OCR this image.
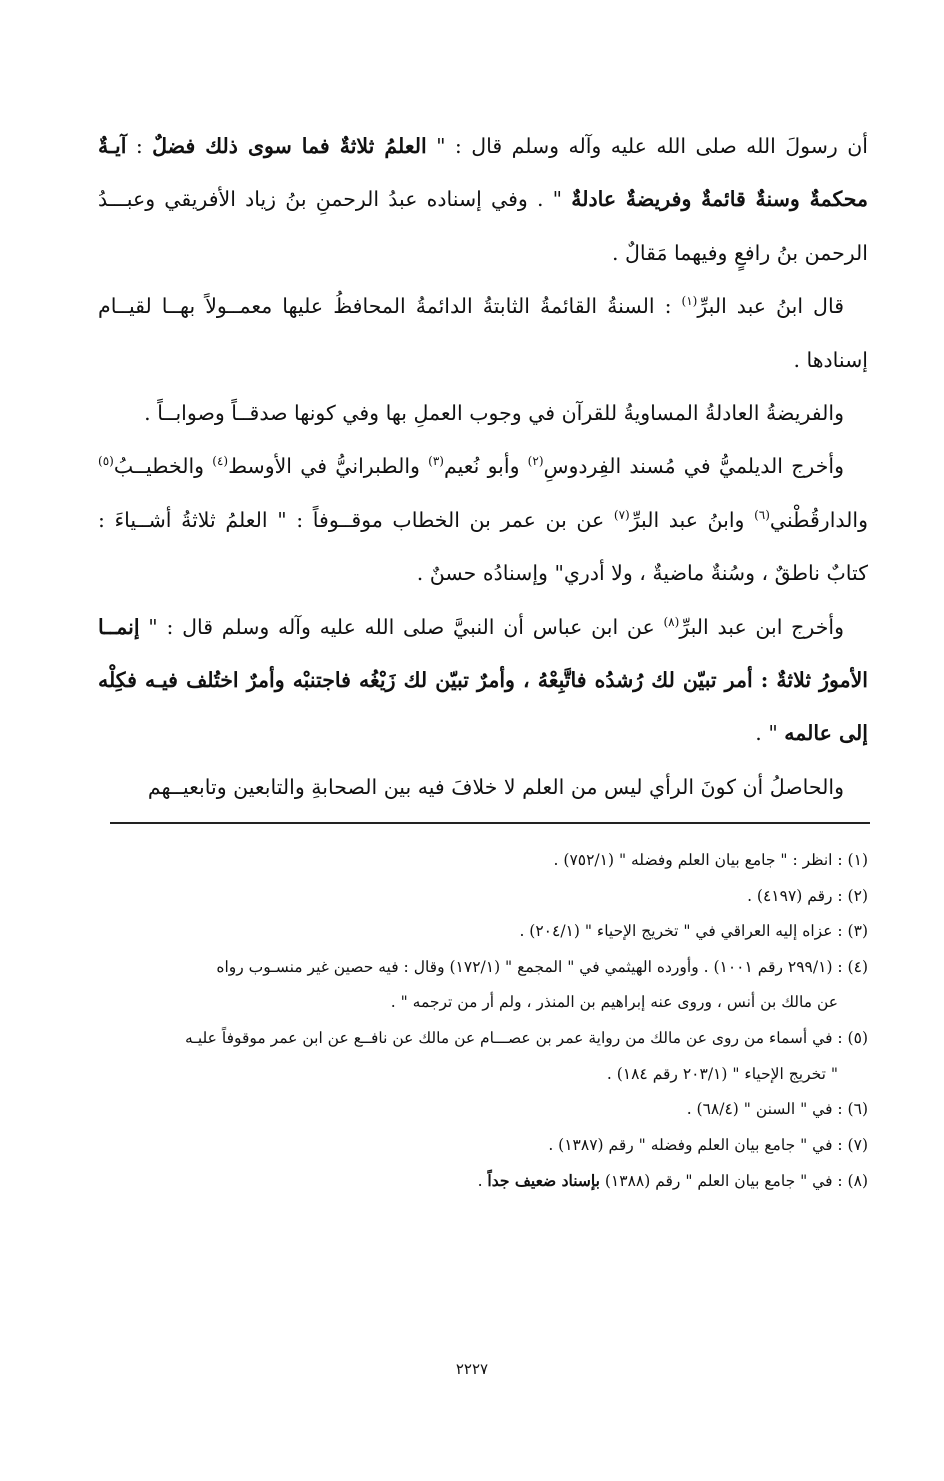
أن رسولَ الله صلى الله عليه وآله وسلم قال : " العلمُ ثلاثةٌ فما سوى ذلك فضلٌ : آيـةٌ محكمةٌ وسنةٌ قائمةٌ وفريضةٌ عادلةٌ " . وفي إسناده عبدُ الرحمنِ بنُ زياد الأفريقي وعبـــدُ الرحمن بنُ رافعٍ وفيهما مَقالٌ .

قال ابنُ عبد البرِّ$^{(١)}$ : السنةُ القائمةُ الثابتةُ الدائمةُ المحافظُ عليها معمــولاً بهــا لقيــام إسنادها .

والفريضةُ العادلةُ المساويةُ للقرآن في وجوب العملِ بها وفي كونها صدقــاً وصوابــاً .

وأخرج الديلميُّ في مُسند الفِردوسِ$^{(٢)}$ وأبو نُعيم$^{(٣)}$ والطبرانيُّ في الأوسط$^{(٤)}$ والخطيــبُ$^{(٥)}$ والدارقُطْني$^{(٦)}$ وابنُ عبد البرِّ$^{(٧)}$ عن بن عمر بن الخطاب موقــوفاً : " العلمُ ثلاثةُ أشــياءَ : كتابٌ ناطقٌ ، وسُنةٌ ماضيةٌ ، ولا أدري" وإسنادُه حسنٌ .

وأخرج ابن عبد البرِّ$^{(٨)}$ عن ابن عباس أن النبيَّ صلى الله عليه وآله وسلم قال : " إنمــا الأمورُ ثلاثةٌ : أمر تبيّن لك رُشدُه فاتَّبِعْهُ ، وأمرٌ تبيّن لك زَيْغُه فاجتنبْه وأمرٌ اختُلف فيـه فكِلْه إلى عالمه " .

والحاصلُ أن كونَ الرأي ليس من العلم لا خلافَ فيه بين الصحابةِ والتابعين وتابعيــهم

(١) : انظر : " جامع بيان العلم وفضله " (٧٥٢/١) .

(٢) : رقم (٤١٩٧) .

(٣) : عزاه إليه العراقي في " تخريج الإحياء " (٢٠٤/١) .

(٤) : (٢٩٩/١ رقم ١٠٠١) . وأورده الهيثمي في " المجمع " (١٧٢/١) وقال : فيه حصين غير منسـوب رواه

عن مالك بن أنس ، وروى عنه إبراهيم بن المنذر ، ولم أر من ترجمه " .

(٥) : في أسماء من روى عن مالك من رواية عمر بن عصـــام عن مالك عن نافــع عن ابن عمر موقوفاً عليـه

" تخريج الإحياء " (٢٠٣/١ رقم ١٨٤) .

(٦) : في " السنن " (٦٨/٤) .

(٧) : في " جامع بيان العلم وفضله " رقم (١٣٨٧) .

(٨) : في " جامع بيان العلم " رقم (١٣٨٨) بإسناد ضعيف جداً .

٢٢٢٧
